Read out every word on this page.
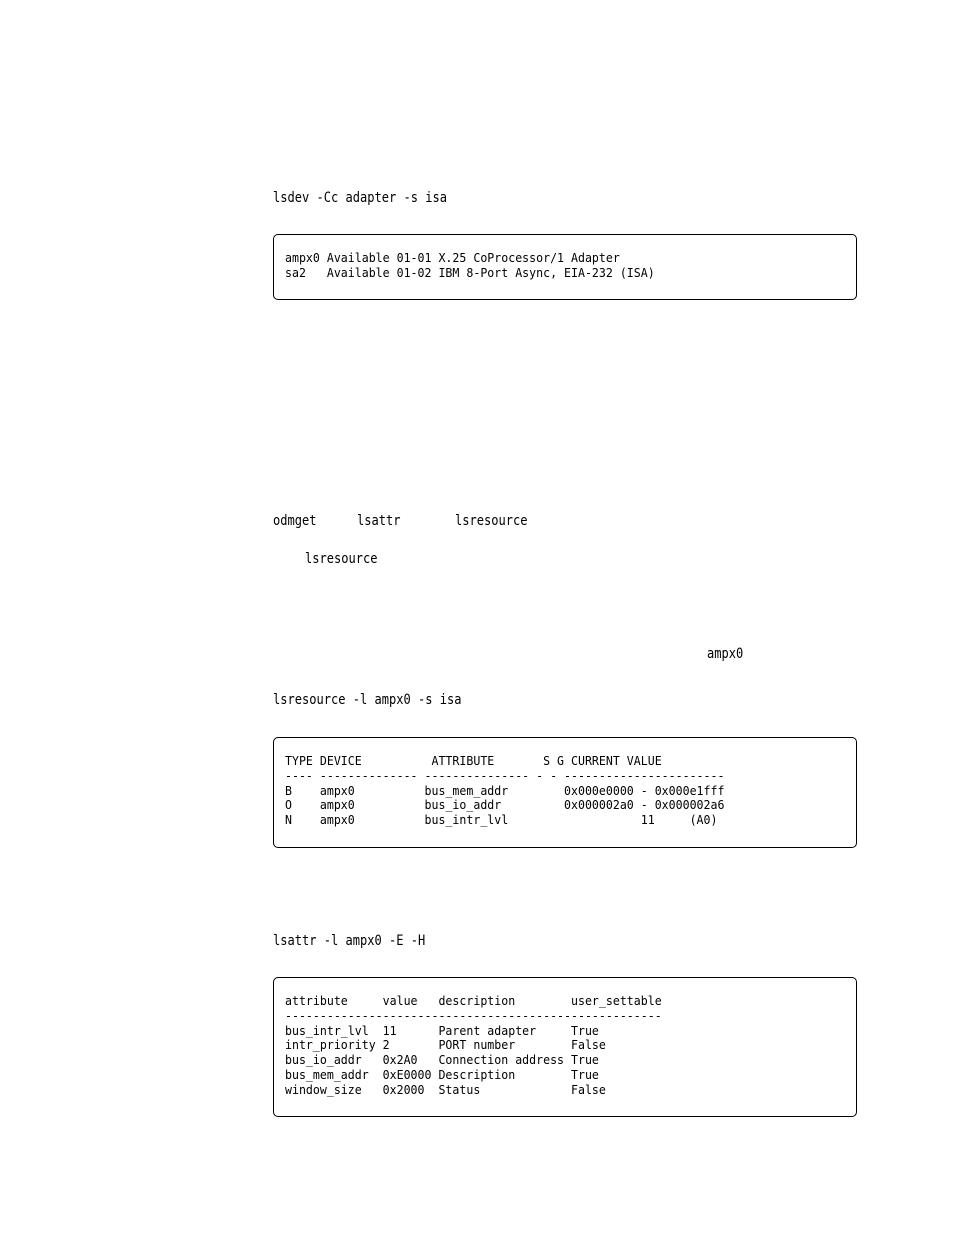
lsdev -Cc adapter -s isa
ampx0 Available 01-01 X.25 CoProcessor/1 Adapter
sa2   Available 01-02 IBM 8-Port Async, EIA-232 (ISA)
odmget	lsattr	lsresource
lsresource
ampx0
lsresource -l ampx0 -s isa
TYPE DEVICE          ATTRIBUTE       S G CURRENT VALUE
---- -------------- --------------- - - -----------------------
B    ampx0          bus_mem_addr        0x000e0000 - 0x000e1fff
O    ampx0          bus_io_addr         0x000002a0 - 0x000002a6
N    ampx0          bus_intr_lvl                   11     (A0)
lsattr -l ampx0 -E -H
attribute     value   description        user_settable
------------------------------------------------------
bus_intr_lvl  11      Parent adapter     True
intr_priority 2       PORT number        False
bus_io_addr   0x2A0   Connection address True
bus_mem_addr  0xE0000 Description        True
window_size   0x2000  Status             False
